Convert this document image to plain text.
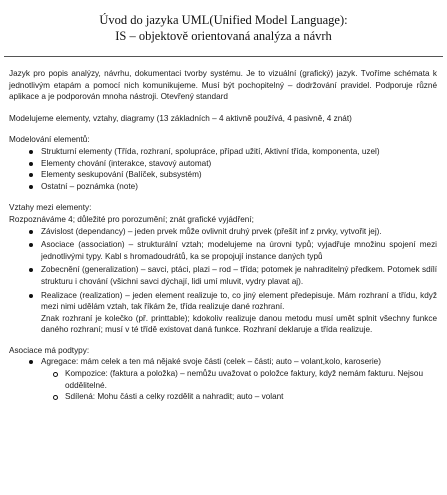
Úvod do jazyka UML(Unified Model Language):
IS – objektově orientovaná analýza a návrh

Jazyk pro popis analýzy, návrhu, dokumentaci tvorby systému. Je to vizuální (grafický) jazyk. Tvoříme schémata k jednotlivým etapám a pomocí nich komunikujeme. Musí být pochopitelný – dodržování pravidel. Podporuje různé aplikace a je podporován mnoha nástroji. Otevřený standard

Modelujeme elementy, vztahy, diagramy (13 základních – 4 aktivně používá, 4 pasivně, 4 znát)

Modelování elementů:

Strukturní elementy (Třída, rozhraní, spolupráce, případ užití, Aktivní třída, komponenta, uzel)
Elementy chování (interakce, stavový automat)
Elementy seskupování (Balíček, subsystém)
Ostatní – poznámka (note)

Vztahy mezi elementy:

Rozpoznáváme 4; důležité pro porozumění; znát grafické vyjádření;

Závislost (dependancy) – jeden prvek může ovlivnit druhý prvek (přešít inf z prvky, vytvořit jej).
Asociace (association) – strukturální vztah; modelujeme na úrovni typů; vyjadřuje množinu spojení mezi jednotlivými typy. Kabl s hromadoudrátů, ka se propojují instance daných typů
Zobecnění (generalization) – savci, ptáci, plazi – rod – třída; potomek je nahraditelný předkem. Potomek sdílí strukturu i chování (všichni savci dýchají, lidi umí mluvit, vydry plavat aj).
Realizace (realization) – jeden element realizuje to, co jiný element předepisuje. Mám rozhraní a třídu, když mezi nimi udělám vztah, tak říkám že, třída realizuje dané rozhraní.

Znak rozhraní je kolečko (př. printtable); kdokoliv realizuje danou metodu musí umět splnit všechny funkce daného rozhraní; musí v té třídě existovat daná funkce. Rozhraní deklaruje a třída realizuje.

Asociace má podtypy:

Agregace: mám celek a ten má nějaké svoje části (celek – části; auto – volant,kolo, karoserie)
Kompozice: (faktura a položka) – nemůžu uvažovat o položce faktury, když nemám fakturu. Nejsou oddělitelné.
Sdílená: Mohu části a celky rozdělit a nahradit; auto – volant
